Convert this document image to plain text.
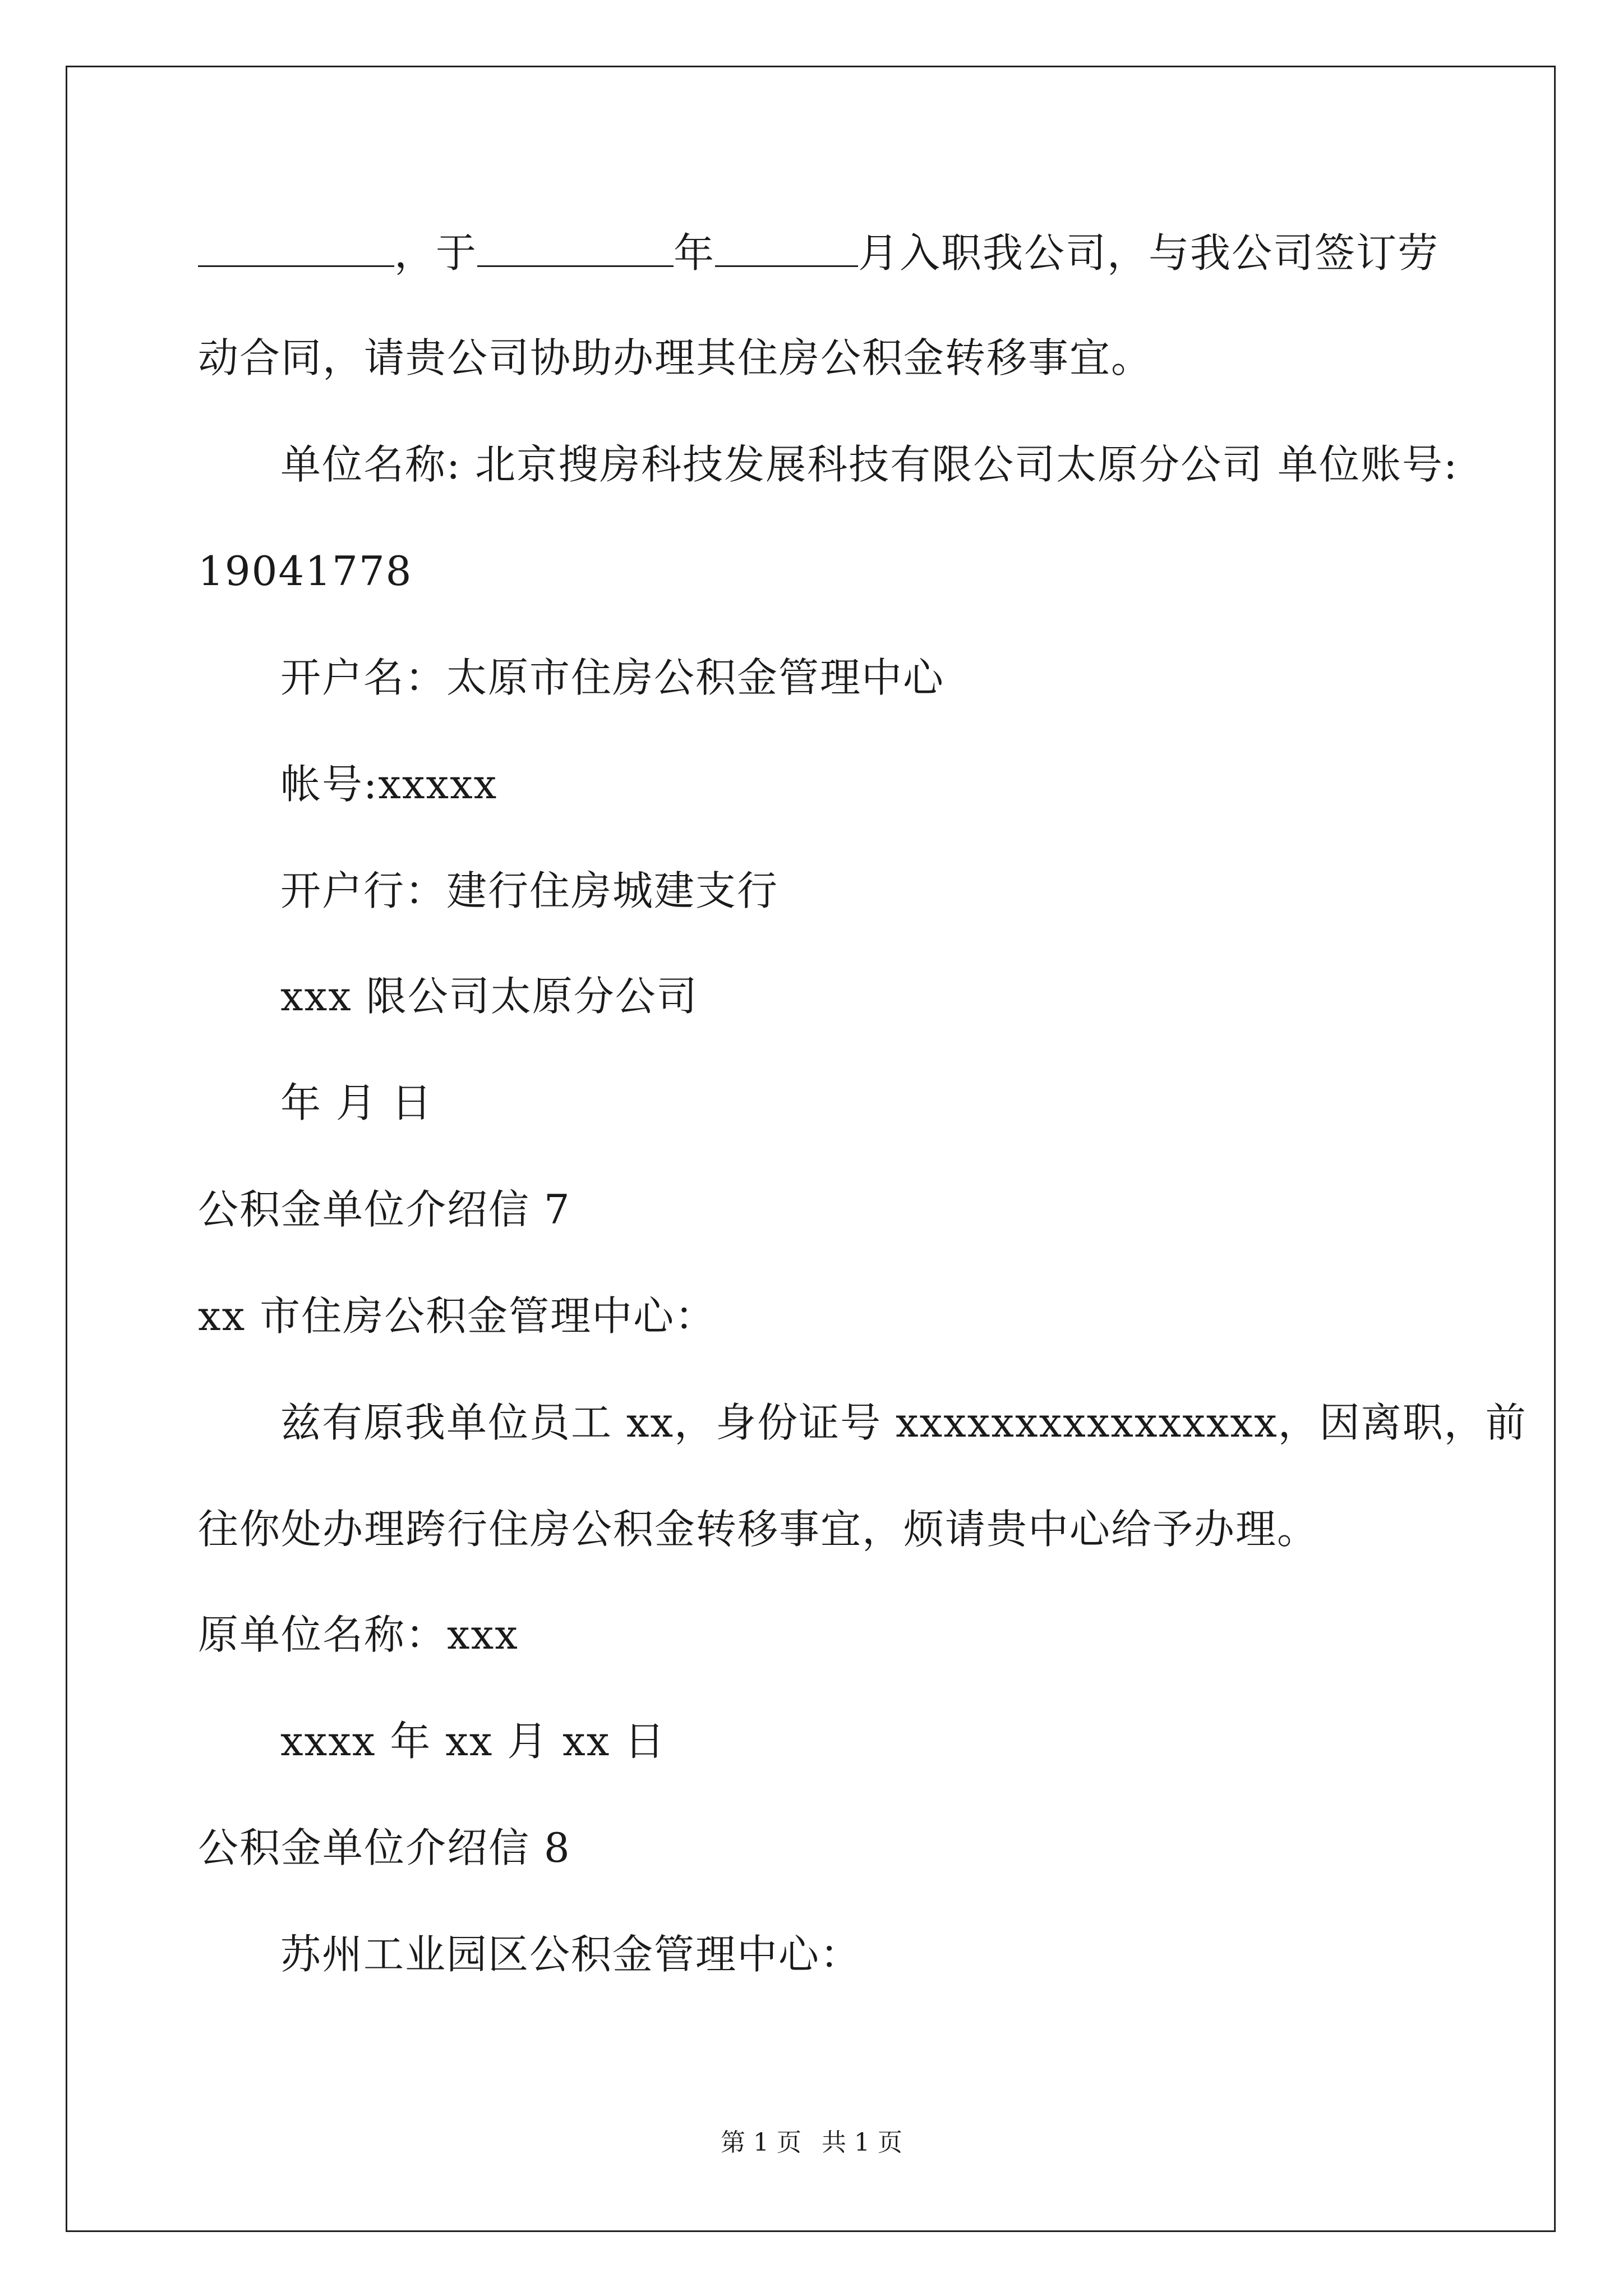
，于	年	月入职我公司，与我公司签订劳
动合同，请贵公司协助办理其住房公积金转移事宜。
单位名称: 北京搜房科技发展科技有限公司太原分公司 单位账号:
19041778
开户名：太原市住房公积金管理中心
帐号:xxxxx
开户行：建行住房城建支行
xxx 限公司太原分公司
年 月 日
公积金单位介绍信 7
xx 市住房公积金管理中心：
兹有原我单位员工 xx，身份证号 xxxxxxxxxxxxxxxx，因离职，前
往你处办理跨行住房公积金转移事宜，烦请贵中心给予办理。
原单位名称：xxx
xxxx 年 xx 月 xx 日
公积金单位介绍信 8
苏州工业园区公积金管理中心：
第 1 页 共 1 页
